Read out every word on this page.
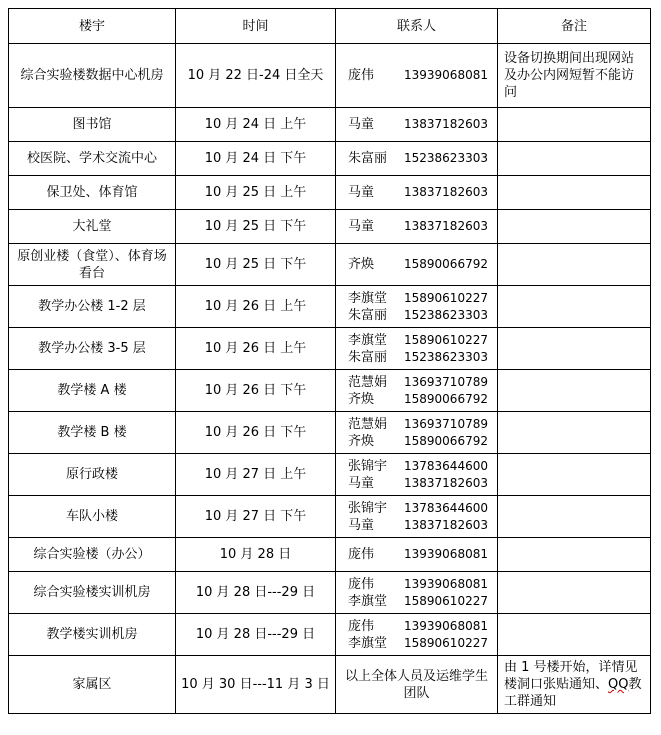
楼宇	时间	联系人	备注
综合实验楼数据中心机房	10 月 22 日-24 日全天	庞伟 13939068081	设备切换期间出现网站及办公内网短暂不能访问
图书馆	10 月 24 日 上午	马童 13837182603	

校医院、学术交流中心	10 月 24 日 下午	朱富丽 15238623303	

保卫处、体育馆	10 月 25 日 上午	马童 13837182603	

大礼堂	10 月 25 日 下午	马童 13837182603	

原创业楼（食堂）、体育场看台	10 月 25 日 下午	齐焕 15890066792	

教学办公楼 1-2 层	10 月 26 日 上午	李旗堂 15890610227
朱富丽 15238623303	

教学办公楼 3-5 层	10 月 26 日 上午	李旗堂 15890610227
朱富丽 15238623303	

教学楼 A 楼	10 月 26 日 下午	范慧娟 13693710789
齐焕 15890066792	

教学楼 B 楼	10 月 26 日 下午	范慧娟 13693710789
齐焕 15890066792	

原行政楼	10 月 27 日 上午	张锦宇 13783644600
马童 13837182603	

车队小楼	10 月 27 日 下午	张锦宇 13783644600
马童 13837182603	

综合实验楼（办公）	10 月 28 日	庞伟 13939068081	

综合实验楼实训机房	10 月 28 日---29 日	庞伟 13939068081
李旗堂 15890610227	

教学楼实训机房	10 月 28 日---29 日	庞伟 13939068081
李旗堂 15890610227	

家属区	10 月 30 日---11 月 3 日	以上全体人员及运维学生团队	由 1 号楼开始，详情见楼洞口张贴通知、QQ教工群通知
